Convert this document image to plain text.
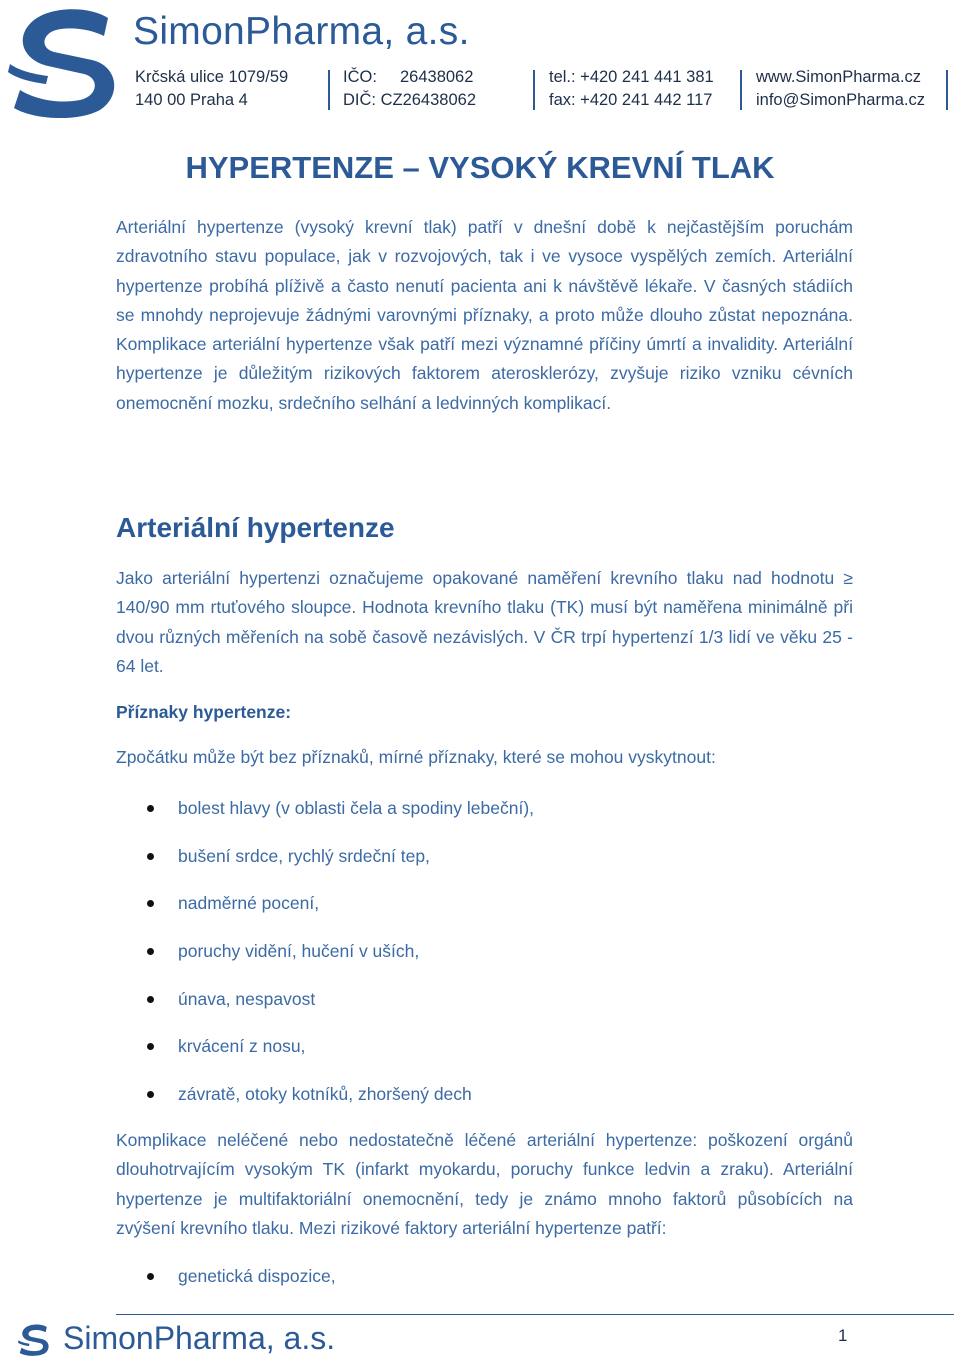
SimonPharma, a.s.
Krčská ulice 1079/59
140 00 Praha 4
IČO: 26438062
DIČ: CZ26438062
tel.: +420 241 441 381
fax: +420 241 442 117
www.SimonPharma.cz
info@SimonPharma.cz
HYPERTENZE – VYSOKÝ KREVNÍ TLAK
Arteriální hypertenze (vysoký krevní tlak) patří v dnešní době k nejčastějším poruchám zdravotního stavu populace, jak v rozvojových, tak i ve vysoce vyspělých zemích. Arteriální hypertenze probíhá plíživě a často nenutí pacienta ani k návštěvě lékaře. V časných stádiích se mnohdy neprojevuje žádnými varovnými příznaky, a proto může dlouho zůstat nepoznána. Komplikace arteriální hypertenze však patří mezi významné příčiny úmrtí a invalidity. Arteriální hypertenze je důležitým rizikových faktorem aterosklerózy, zvyšuje riziko vzniku cévních onemocnění mozku, srdečního selhání a ledvinných komplikací.
Arteriální hypertenze
Jako arteriální hypertenzi označujeme opakované naměření krevního tlaku nad hodnotu ≥ 140/90 mm rtuťového sloupce. Hodnota krevního tlaku (TK) musí být naměřena minimálně při dvou různých měřeních na sobě časově nezávislých. V ČR trpí hypertenzí 1/3 lidí ve věku 25 - 64 let.
Příznaky hypertenze:
Zpočátku může být bez příznaků, mírné příznaky, které se mohou vyskytnout:
bolest hlavy (v oblasti čela a spodiny lebeční),
bušení srdce, rychlý srdeční tep,
nadměrné pocení,
poruchy vidění, hučení v uších,
únava, nespavost
krvácení z nosu,
závratě, otoky kotníků, zhoršený dech
Komplikace neléčené nebo nedostatečně léčené arteriální hypertenze: poškození orgánů dlouhotrvajícím vysokým TK (infarkt myokardu, poruchy funkce ledvin a zraku). Arteriální hypertenze je multifaktoriální onemocnění, tedy je známo mnoho faktorů působících na zvýšení krevního tlaku. Mezi rizikové faktory arteriální hypertenze patří:
genetická dispozice,
SimonPharma, a.s.	1
